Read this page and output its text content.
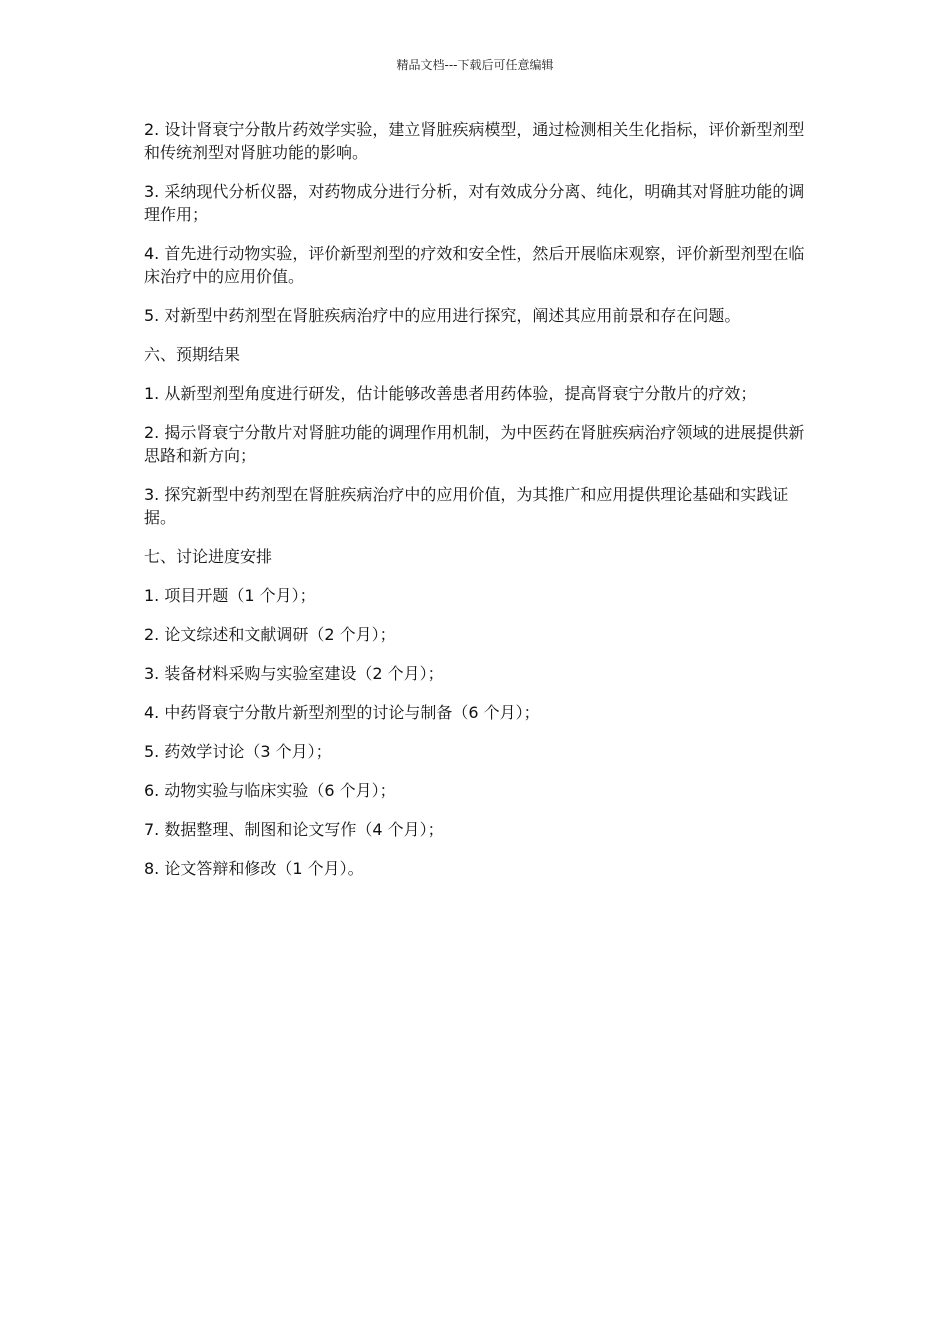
精品文档---下载后可任意编辑

2. 设计肾衰宁分散片药效学实验，建立肾脏疾病模型，通过检测相关生化指标，评价新型剂型和传统剂型对肾脏功能的影响。

3. 采纳现代分析仪器，对药物成分进行分析，对有效成分分离、纯化，明确其对肾脏功能的调理作用；

4. 首先进行动物实验，评价新型剂型的疗效和安全性，然后开展临床观察，评价新型剂型在临床治疗中的应用价值。

5. 对新型中药剂型在肾脏疾病治疗中的应用进行探究，阐述其应用前景和存在问题。

六、预期结果

1. 从新型剂型角度进行研发，估计能够改善患者用药体验，提高肾衰宁分散片的疗效；

2. 揭示肾衰宁分散片对肾脏功能的调理作用机制，为中医药在肾脏疾病治疗领域的进展提供新思路和新方向；

3. 探究新型中药剂型在肾脏疾病治疗中的应用价值，为其推广和应用提供理论基础和实践证据。

七、讨论进度安排

1. 项目开题（1 个月）；

2. 论文综述和文献调研（2 个月）；

3. 装备材料采购与实验室建设（2 个月）；

4. 中药肾衰宁分散片新型剂型的讨论与制备（6 个月）；

5. 药效学讨论（3 个月）；

6. 动物实验与临床实验（6 个月）；

7. 数据整理、制图和论文写作（4 个月）；

8. 论文答辩和修改（1 个月）。
